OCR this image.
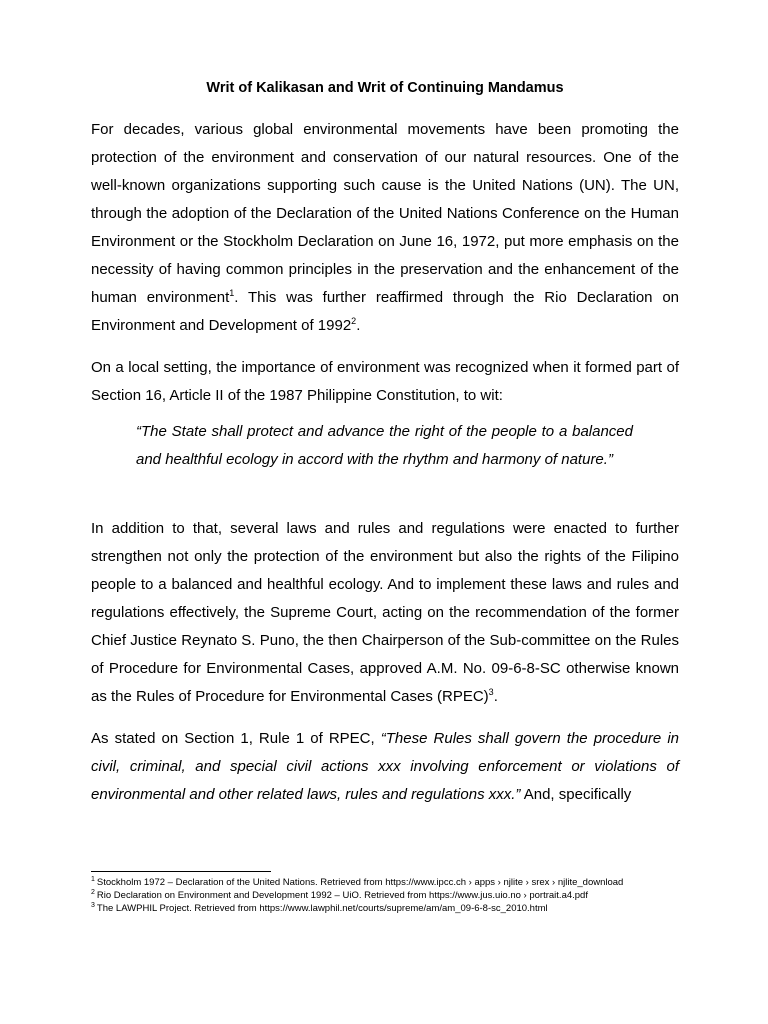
Writ of Kalikasan and Writ of Continuing Mandamus

For decades, various global environmental movements have been promoting the protection of the environment and conservation of our natural resources. One of the well-known organizations supporting such cause is the United Nations (UN). The UN, through the adoption of the Declaration of the United Nations Conference on the Human Environment or the Stockholm Declaration on June 16, 1972, put more emphasis on the necessity of having common principles in the preservation and the enhancement of the human environment$^1$. This was further reaffirmed through the Rio Declaration on Environment and Development of 1992$^2$.

On a local setting, the importance of environment was recognized when it formed part of Section 16, Article II of the 1987 Philippine Constitution, to wit:

“The State shall protect and advance the right of the people to a balanced and healthful ecology in accord with the rhythm and harmony of nature.”

In addition to that, several laws and rules and regulations were enacted to further strengthen not only the protection of the environment but also the rights of the Filipino people to a balanced and healthful ecology. And to implement these laws and rules and regulations effectively, the Supreme Court, acting on the recommendation of the former Chief Justice Reynato S. Puno, the then Chairperson of the Sub-committee on the Rules of Procedure for Environmental Cases, approved A.M. No. 09-6-8-SC otherwise known as the Rules of Procedure for Environmental Cases (RPEC)$^3$.

As stated on Section 1, Rule 1 of RPEC, “These Rules shall govern the procedure in civil, criminal, and special civil actions xxx involving enforcement or violations of environmental and other related laws, rules and regulations xxx.” And, specifically

$^1$ Stockholm 1972 – Declaration of the United Nations. Retrieved from https://www.ipcc.ch › apps › njlite › srex › njlite_download

$^2$ Rio Declaration on Environment and Development 1992 – UiO. Retrieved from https://www.jus.uio.no › portrait.a4.pdf

$^3$ The LAWPHIL Project. Retrieved from https://www.lawphil.net/courts/supreme/am/am_09-6-8-sc_2010.html
